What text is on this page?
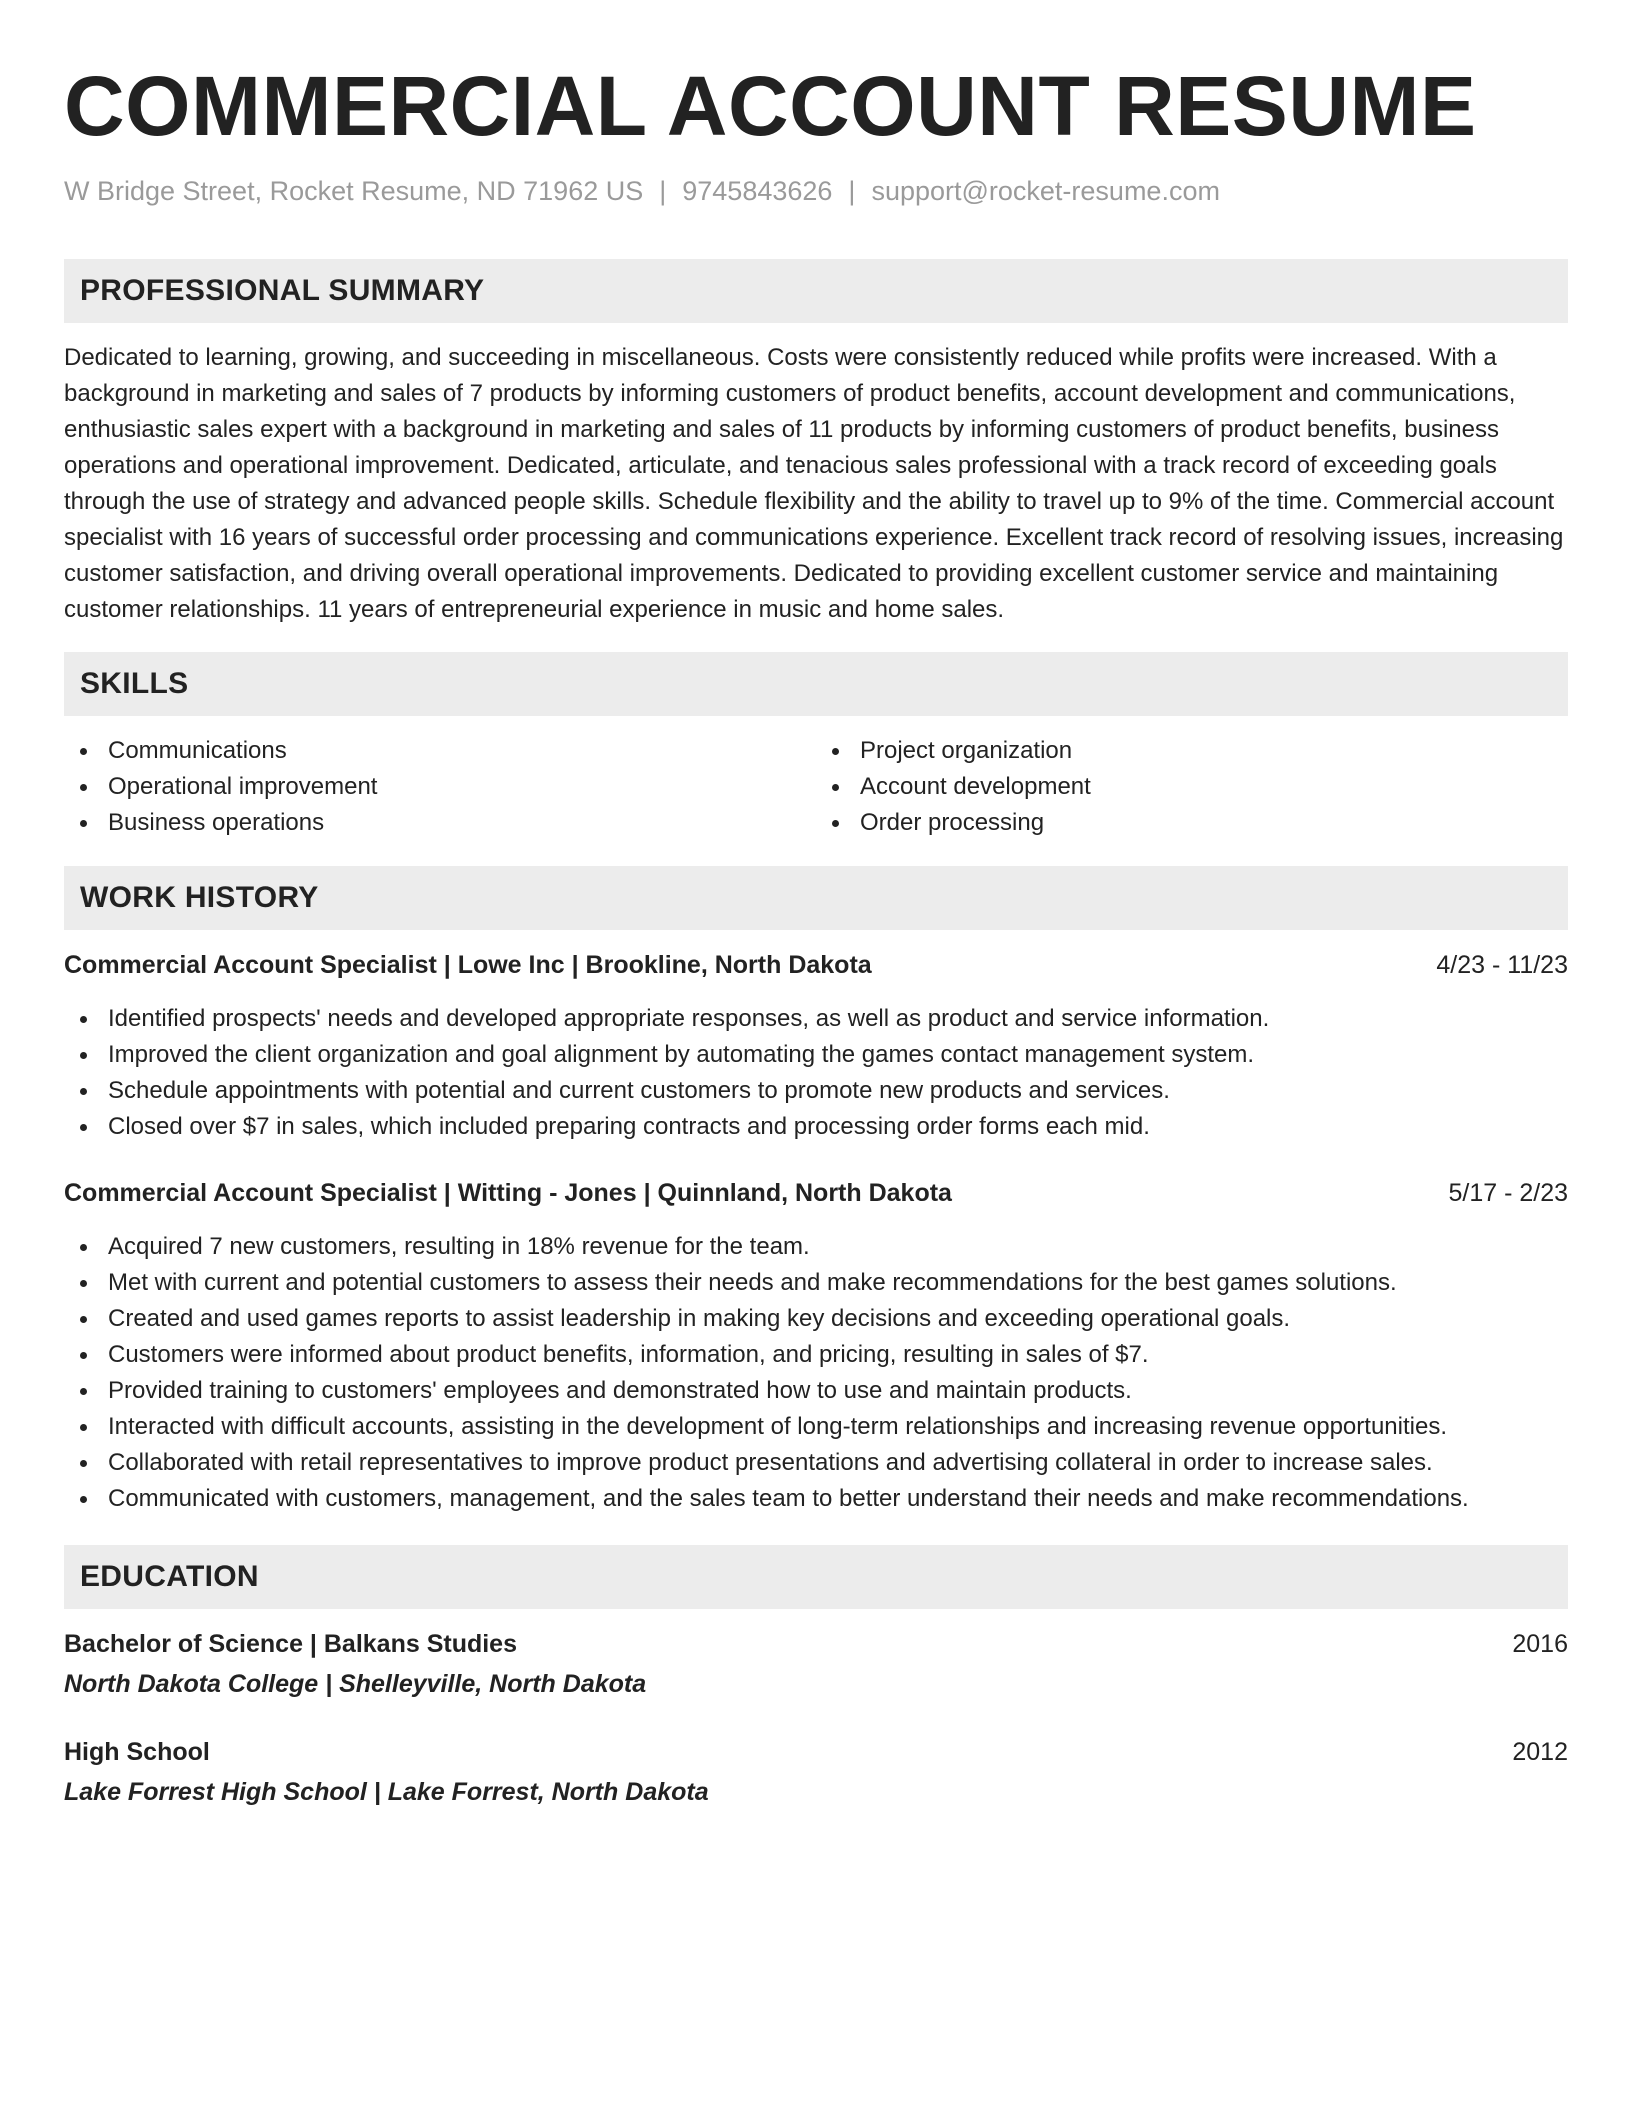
COMMERCIAL ACCOUNT RESUME
W Bridge Street, Rocket Resume, ND 71962 US | 9745843626 | support@rocket-resume.com
PROFESSIONAL SUMMARY
Dedicated to learning, growing, and succeeding in miscellaneous. Costs were consistently reduced while profits were increased. With a background in marketing and sales of 7 products by informing customers of product benefits, account development and communications, enthusiastic sales expert with a background in marketing and sales of 11 products by informing customers of product benefits, business operations and operational improvement. Dedicated, articulate, and tenacious sales professional with a track record of exceeding goals through the use of strategy and advanced people skills. Schedule flexibility and the ability to travel up to 9% of the time. Commercial account specialist with 16 years of successful order processing and communications experience. Excellent track record of resolving issues, increasing customer satisfaction, and driving overall operational improvements. Dedicated to providing excellent customer service and maintaining customer relationships. 11 years of entrepreneurial experience in music and home sales.
SKILLS
Communications
Operational improvement
Business operations
Project organization
Account development
Order processing
WORK HISTORY
Commercial Account Specialist | Lowe Inc | Brookline, North Dakota	4/23 - 11/23
Identified prospects' needs and developed appropriate responses, as well as product and service information.
Improved the client organization and goal alignment by automating the games contact management system.
Schedule appointments with potential and current customers to promote new products and services.
Closed over $7 in sales, which included preparing contracts and processing order forms each mid.
Commercial Account Specialist | Witting - Jones | Quinnland, North Dakota	5/17 - 2/23
Acquired 7 new customers, resulting in 18% revenue for the team.
Met with current and potential customers to assess their needs and make recommendations for the best games solutions.
Created and used games reports to assist leadership in making key decisions and exceeding operational goals.
Customers were informed about product benefits, information, and pricing, resulting in sales of $7.
Provided training to customers' employees and demonstrated how to use and maintain products.
Interacted with difficult accounts, assisting in the development of long-term relationships and increasing revenue opportunities.
Collaborated with retail representatives to improve product presentations and advertising collateral in order to increase sales.
Communicated with customers, management, and the sales team to better understand their needs and make recommendations.
EDUCATION
Bachelor of Science | Balkans Studies	2016
North Dakota College | Shelleyville, North Dakota
High School	2012
Lake Forrest High School | Lake Forrest, North Dakota
